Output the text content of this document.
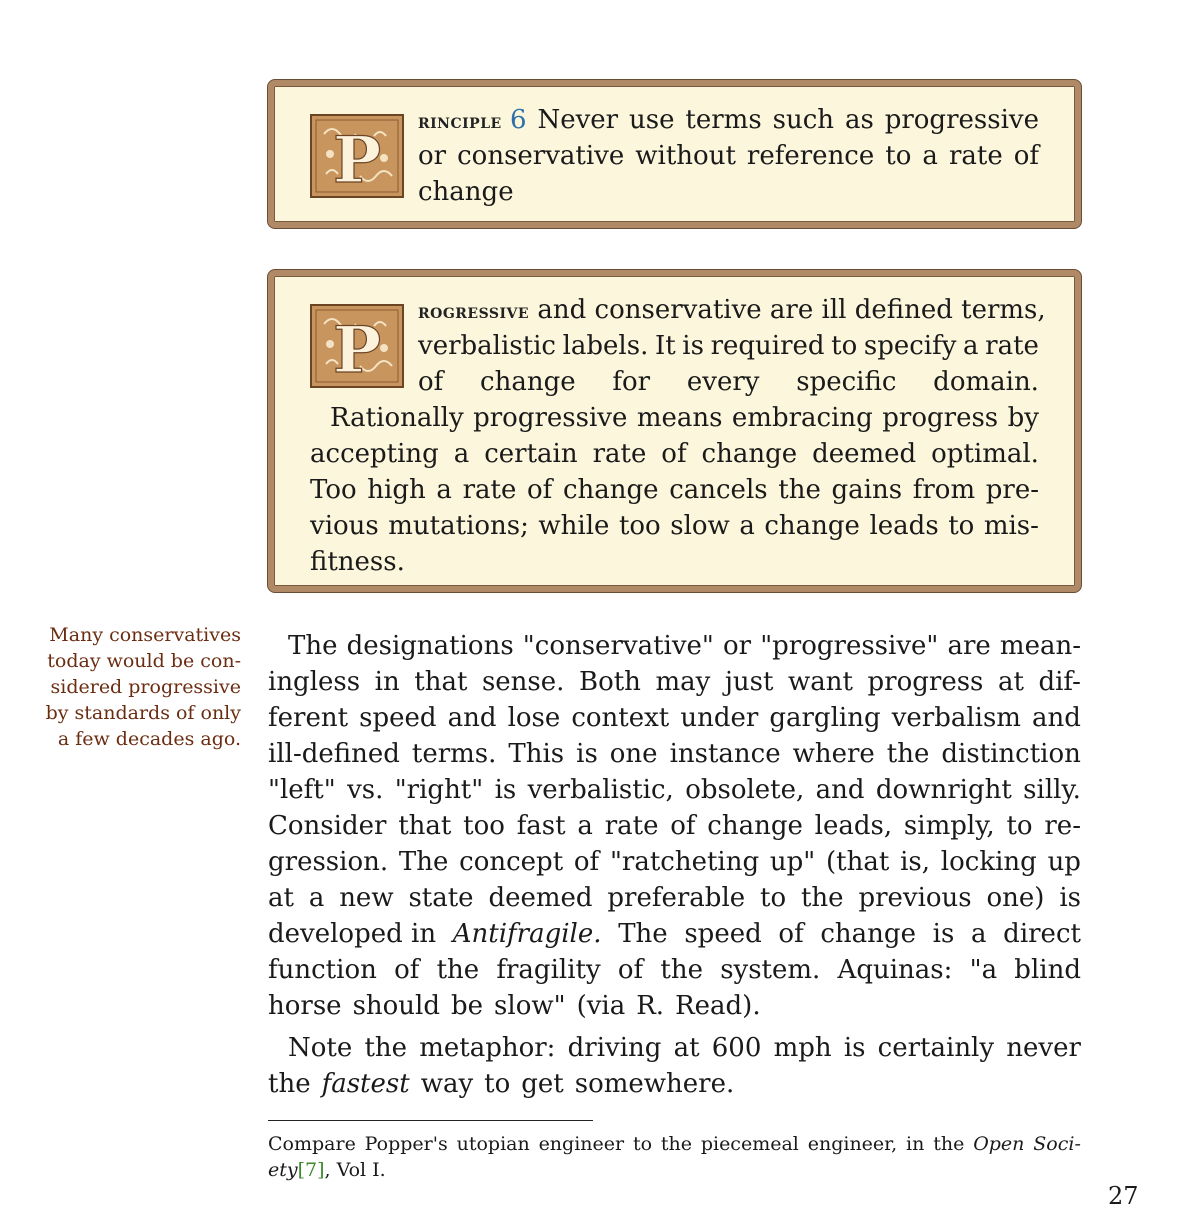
P
rinciple 6 Never use terms such as progressive
or conservative without reference to a rate of
change
P
rogressive and conservative are ill defined terms,
verbalistic labels. It is required to specify a rate
of change for every specific domain.
Rationally progressive means embracing progress by
accepting a certain rate of change deemed optimal.
Too high a rate of change cancels the gains from pre-
vious mutations; while too slow a change leads to mis-
fitness.
Many conservatives
today would be con-
sidered progressive
by standards of only
a few decades ago.
The designations "conservative" or "progressive" are mean-
ingless in that sense. Both may just want progress at dif-
ferent speed and lose context under gargling verbalism and
ill-defined terms. This is one instance where the distinction
"left" vs. "right" is verbalistic, obsolete, and downright silly.
Consider that too fast a rate of change leads, simply, to re-
gression. The concept of "ratcheting up" (that is, locking up
at a new state deemed preferable to the previous one) is
developed in Antifragile. The speed of change is a direct
function of the fragility of the system. Aquinas: "a blind
horse should be slow" (via R. Read).
Note the metaphor: driving at 600 mph is certainly never
the fastest way to get somewhere.
Compare Popper's utopian engineer to the piecemeal engineer, in the Open Soci-
ety[7], Vol I.
27
